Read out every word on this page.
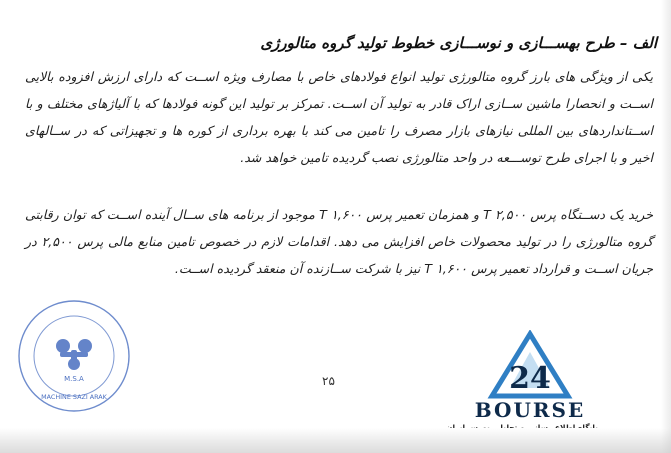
الف – طرح بهســـازی و نوســـازی خطوط تولید گروه متالورژی
یکی از ویژگی های بارز گروه متالورژی تولید انواع فولادهای خاص با مصارف ویژه اســت که دارای ارزش افزوده بالایی اســت و انحصارا ماشین ســازی اراک قادر به تولید آن اســت. تمرکز بر تولید این گونه فولادها که با آلیاژهای مختلف و با اســتانداردهای بین المللی نیازهای بازار مصرف را تامین می کند با بهره برداری از کوره ها و تجهیزاتی که در ســالهای اخیر و با اجرای طرح توســـعه در واحد متالورژی نصب گردیده تامین خواهد شد.
خرید یک دســتگاه پرس ۲,۵۰۰ T و همزمان تعمیر پرس ۱,۶۰۰ T موجود از برنامه های ســال آینده اســت که توان رقابتی گروه متالورژی را در تولید محصولات خاص افزایش می دهد. اقدامات لازم در خصوص تامین منابع مالی پرس ۲,۵۰۰ در جریان اســت و قرارداد تعمیر پرس ۱,۶۰۰ T نیز با شرکت ســازنده آن منعقد گردیده اســت.
M.S.A
MACHINE SAZI ARAK
۲۵	24
BOURSE
